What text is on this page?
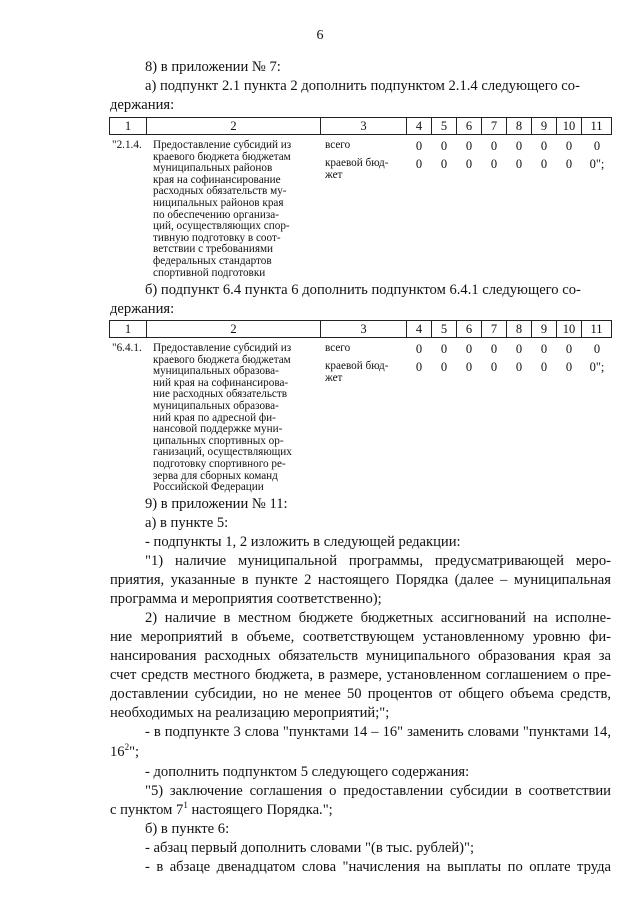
6
8) в приложении № 7:
а) подпункт 2.1 пункта 2 дополнить подпунктом 2.1.4 следующего со-
держания:
1	2	3	4	5	6	7	8	9	10	11
"2.1.4. Предоставление субсидий из
краевого бюджета бюджетам
муниципальных районов
края на софинансирование
расходных обязательств му-
ниципальных районов края
по обеспечению организа-
ций, осуществляющих спор-
тивную подготовку в соот-
ветствии с требованиями
федеральных стандартов
спортивной подготовки
всего
краевой бюд-
жет
0	0	0	0	0	0	0	0
0	0	0	0	0	0	0	0";
б) подпункт 6.4 пункта 6 дополнить подпунктом 6.4.1 следующего со-
держания:
1	2	3	4	5	6	7	8	9	10	11
"6.4.1. Предоставление субсидий из
краевого бюджета бюджетам
муниципальных образова-
ний края на софинансирова-
ние расходных обязательств
муниципальных образова-
ний края по адресной фи-
нансовой поддержке муни-
ципальных спортивных ор-
ганизаций, осуществляющих
подготовку спортивного ре-
зерва для сборных команд
Российской Федерации
всего
краевой бюд-
жет
0	0	0	0	0	0	0	0
0	0	0	0	0	0	0	0";
9) в приложении № 11:
а) в пункте 5:
- подпункты 1, 2 изложить в следующей редакции:
"1) наличие муниципальной программы, предусматривающей меро-
приятия, указанные в пункте 2 настоящего Порядка (далее – муниципальная
программа и мероприятия соответственно);
2) наличие в местном бюджете бюджетных ассигнований на исполне-
ние мероприятий в объеме, соответствующем установленному уровню фи-
нансирования расходных обязательств муниципального образования края за
счет средств местного бюджета, в размере, установленном соглашением о пре-
доставлении субсидии, но не менее 50 процентов от общего объема средств,
необходимых на реализацию мероприятий;";
- в подпункте 3 слова "пунктами 14 – 16" заменить словами "пунктами 14,
$16^2$";
- дополнить подпунктом 5 следующего содержания:
"5) заключение соглашения о предоставлении субсидии в соответствии
с пунктом $7^1$ настоящего Порядка.";
б) в пункте 6:
- абзац первый дополнить словами "(в тыс. рублей)";
- в абзаце двенадцатом слова "начисления на выплаты по оплате труда
